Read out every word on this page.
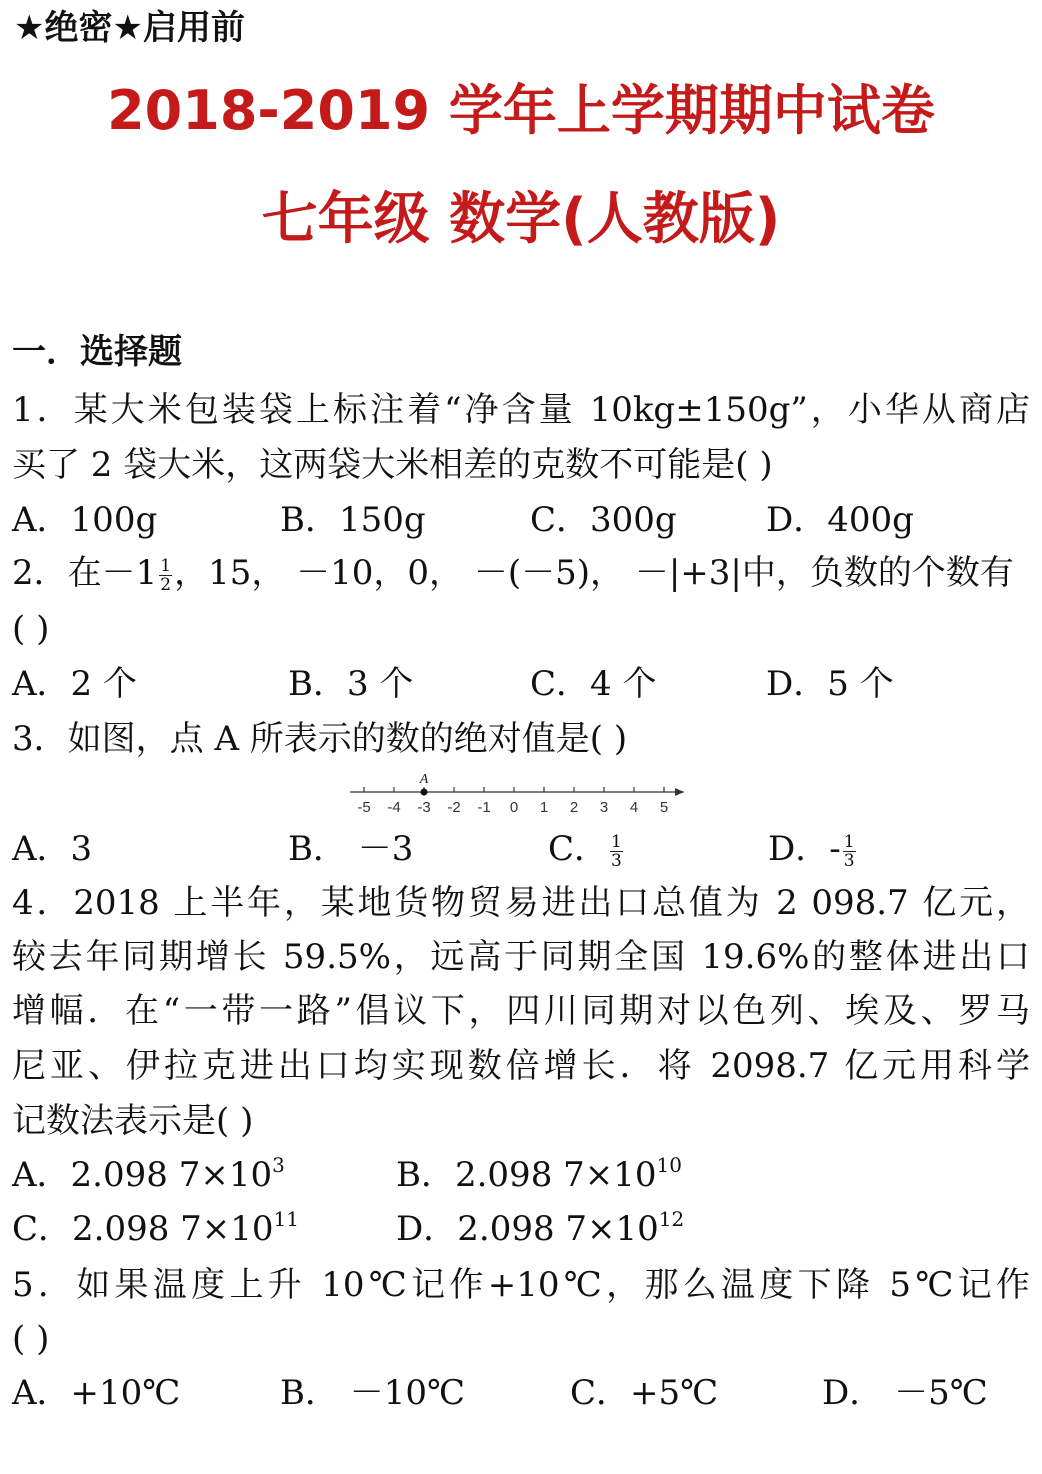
★绝密★启用前
2018-2019 学年上学期期中试卷
七年级 数学(人教版)
一．选择题
1．某大米包装袋上标注着“净含量 10kg±150g”，小华从商店
买了 2 袋大米，这两袋大米相差的克数不可能是( )
A．100g	B．150g	C．300g	D．400g
2．在$-1 \frac{1}{2}$ ，15， －10，0， －(－5)， －|+3|中，负数的个数有
( )
A．2 个	B．3 个	C．4 个	D．5 个
3．如图，点 A 所表示的数的绝对值是( )
-5 -4 -3 -2 -1 0 1 2 3 4 5
A
A．3	B． －3	C． $\frac{1}{3}$	D．- $\frac{1}{3}$
4．2018 上半年，某地货物贸易进出口总值为 2 098.7 亿元，
较去年同期增长 59.5%，远高于同期全国 19.6%的整体进出口
增幅．在“一带一路”倡议下，四川同期对以色列、埃及、罗马
尼亚、伊拉克进出口均实现数倍增长．将 2098.7 亿元用科学
记数法表示是( )
A．2.098 $7\times 10^3$	B．2.098 $7\times 10^{10}$
C．2.098 $7\times 10^{11}$	D．2.098 $7\times 10^{12}$
5．如果温度上升 10℃记作+10℃，那么温度下降 5℃记作
( )
A．+10℃	B． －10℃	C．+5℃	D． －5℃
